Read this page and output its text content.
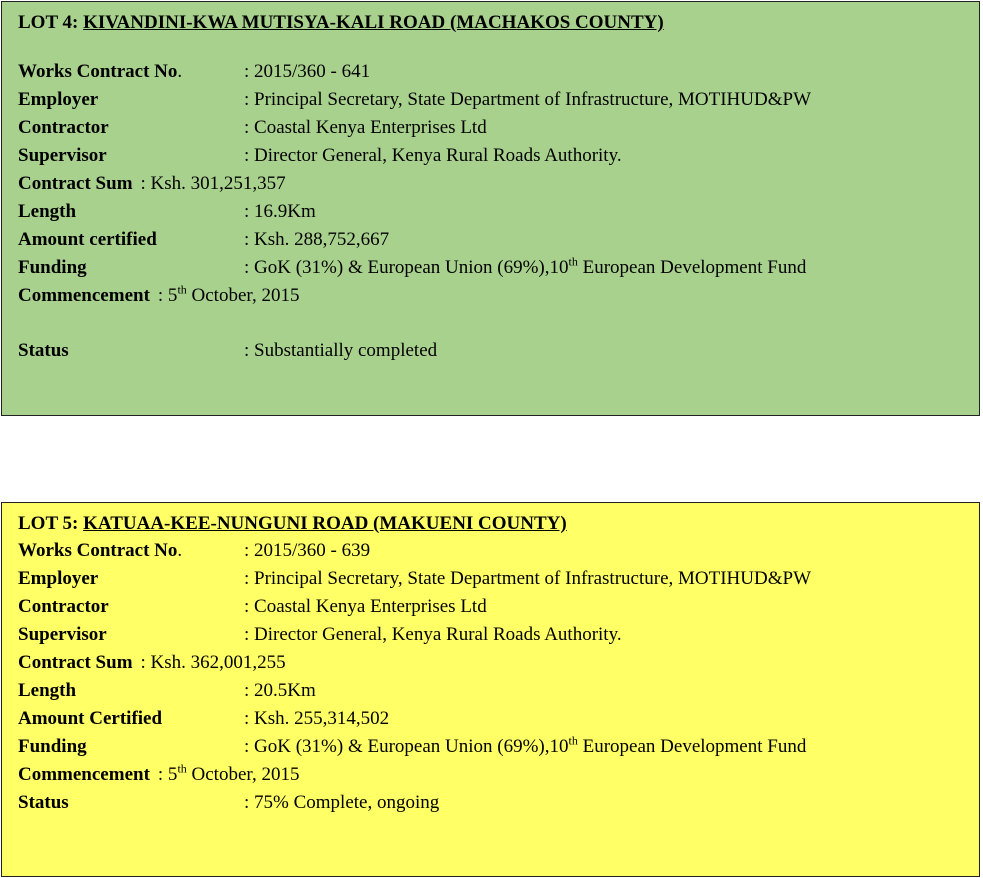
LOT 4: KIVANDINI-KWA MUTISYA-KALI ROAD (MACHAKOS COUNTY)
Works Contract No.	: 2015/360 - 641
Employer	: Principal Secretary, State Department of Infrastructure, MOTIHUD&PW
Contractor	: Coastal Kenya Enterprises Ltd
Supervisor	: Director General, Kenya Rural Roads Authority.
Contract Sum : Ksh. 301,251,357
Length	: 16.9Km
Amount certified	: Ksh. 288,752,667
Funding	: GoK (31%) & European Union (69%),10th European Development Fund
Commencement : 5th October, 2015
Status	: Substantially completed
LOT 5: KATUAA-KEE-NUNGUNI ROAD (MAKUENI COUNTY)
Works Contract No.	: 2015/360 - 639
Employer	: Principal Secretary, State Department of Infrastructure, MOTIHUD&PW
Contractor	: Coastal Kenya Enterprises Ltd
Supervisor	: Director General, Kenya Rural Roads Authority.
Contract Sum : Ksh. 362,001,255
Length	: 20.5Km
Amount Certified	: Ksh. 255,314,502
Funding	: GoK (31%) & European Union (69%),10th European Development Fund
Commencement : 5th October, 2015
Status	: 75% Complete, ongoing
